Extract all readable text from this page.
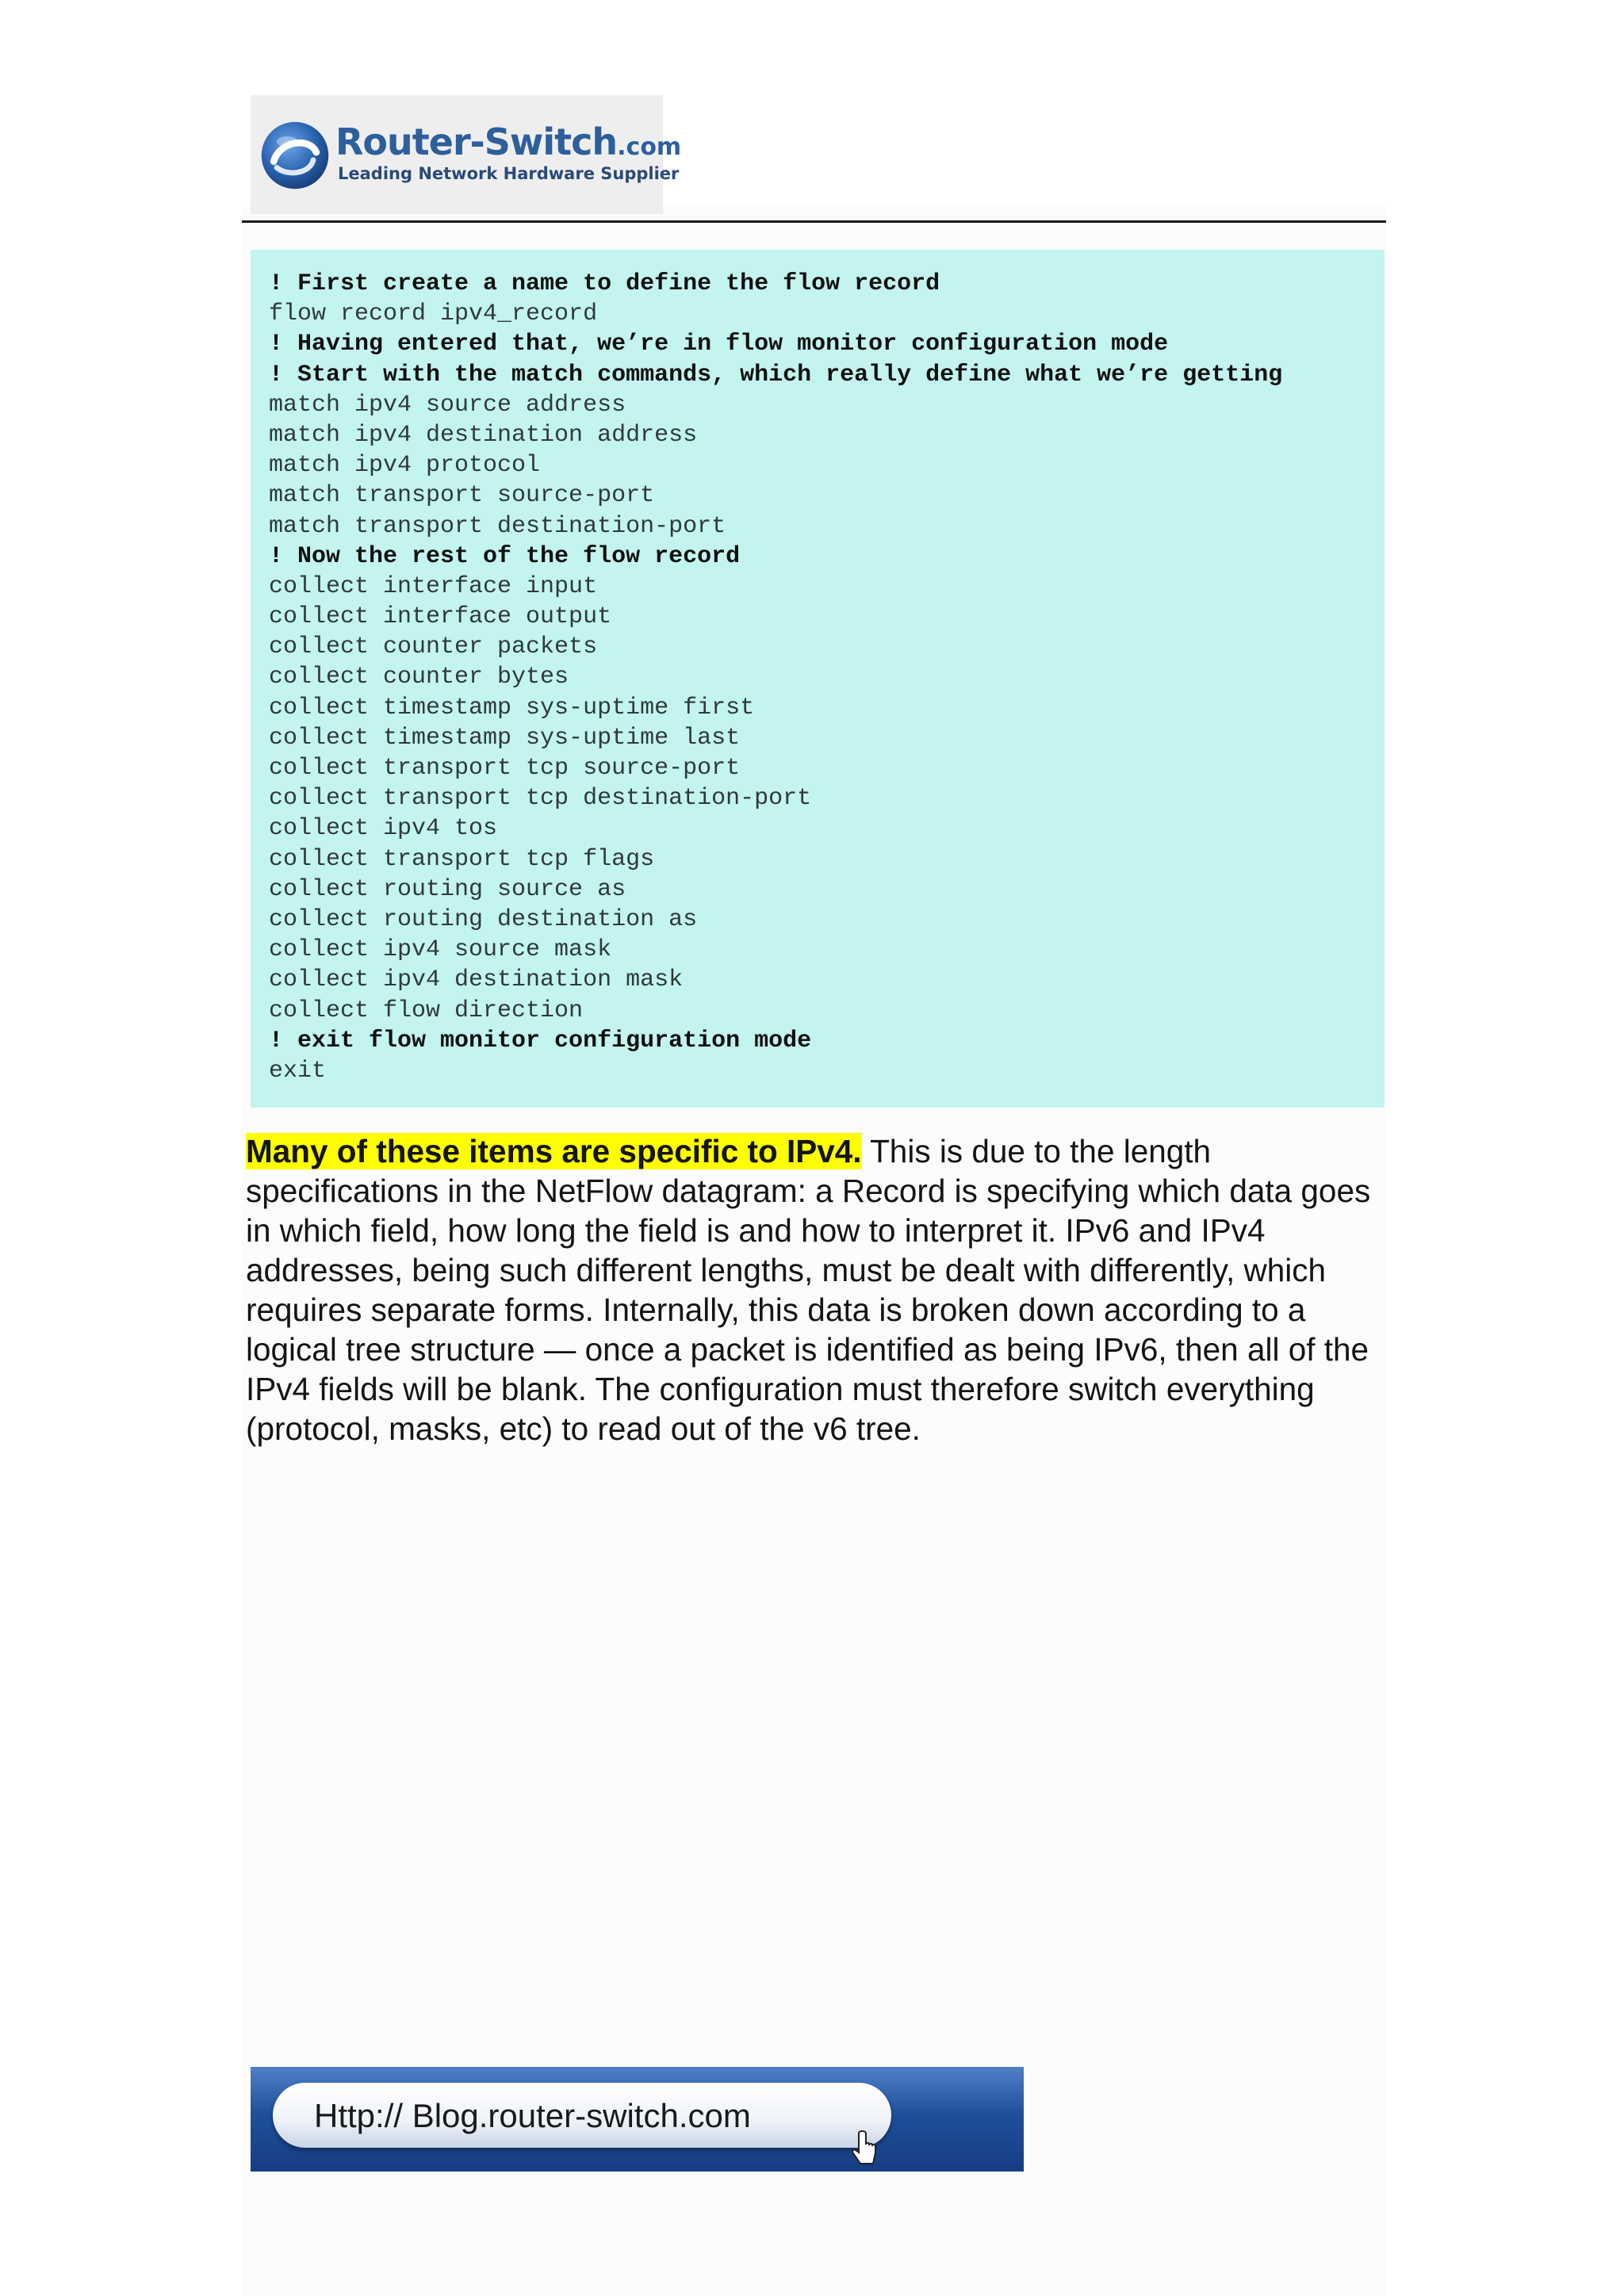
Router-Switch.com
Leading Network Hardware Supplier
! First create a name to define the flow record
flow record ipv4_record
! Having entered that, we’re in flow monitor configuration mode
! Start with the match commands, which really define what we’re getting
match ipv4 source address
match ipv4 destination address
match ipv4 protocol
match transport source-port
match transport destination-port
! Now the rest of the flow record
collect interface input
collect interface output
collect counter packets
collect counter bytes
collect timestamp sys-uptime first
collect timestamp sys-uptime last
collect transport tcp source-port
collect transport tcp destination-port
collect ipv4 tos
collect transport tcp flags
collect routing source as
collect routing destination as
collect ipv4 source mask
collect ipv4 destination mask
collect flow direction
! exit flow monitor configuration mode
exit
Many of these items are specific to IPv4. This is due to the length specifications in the NetFlow datagram: a Record is specifying which data goes in which field, how long the field is and how to interpret it. IPv6 and IPv4 addresses, being such different lengths, must be dealt with differently, which requires separate forms. Internally, this data is broken down according to a logical tree structure — once a packet is identified as being IPv6, then all of the IPv4 fields will be blank. The configuration must therefore switch everything (protocol, masks, etc) to read out of the v6 tree.
Http:// Blog.router-switch.com
